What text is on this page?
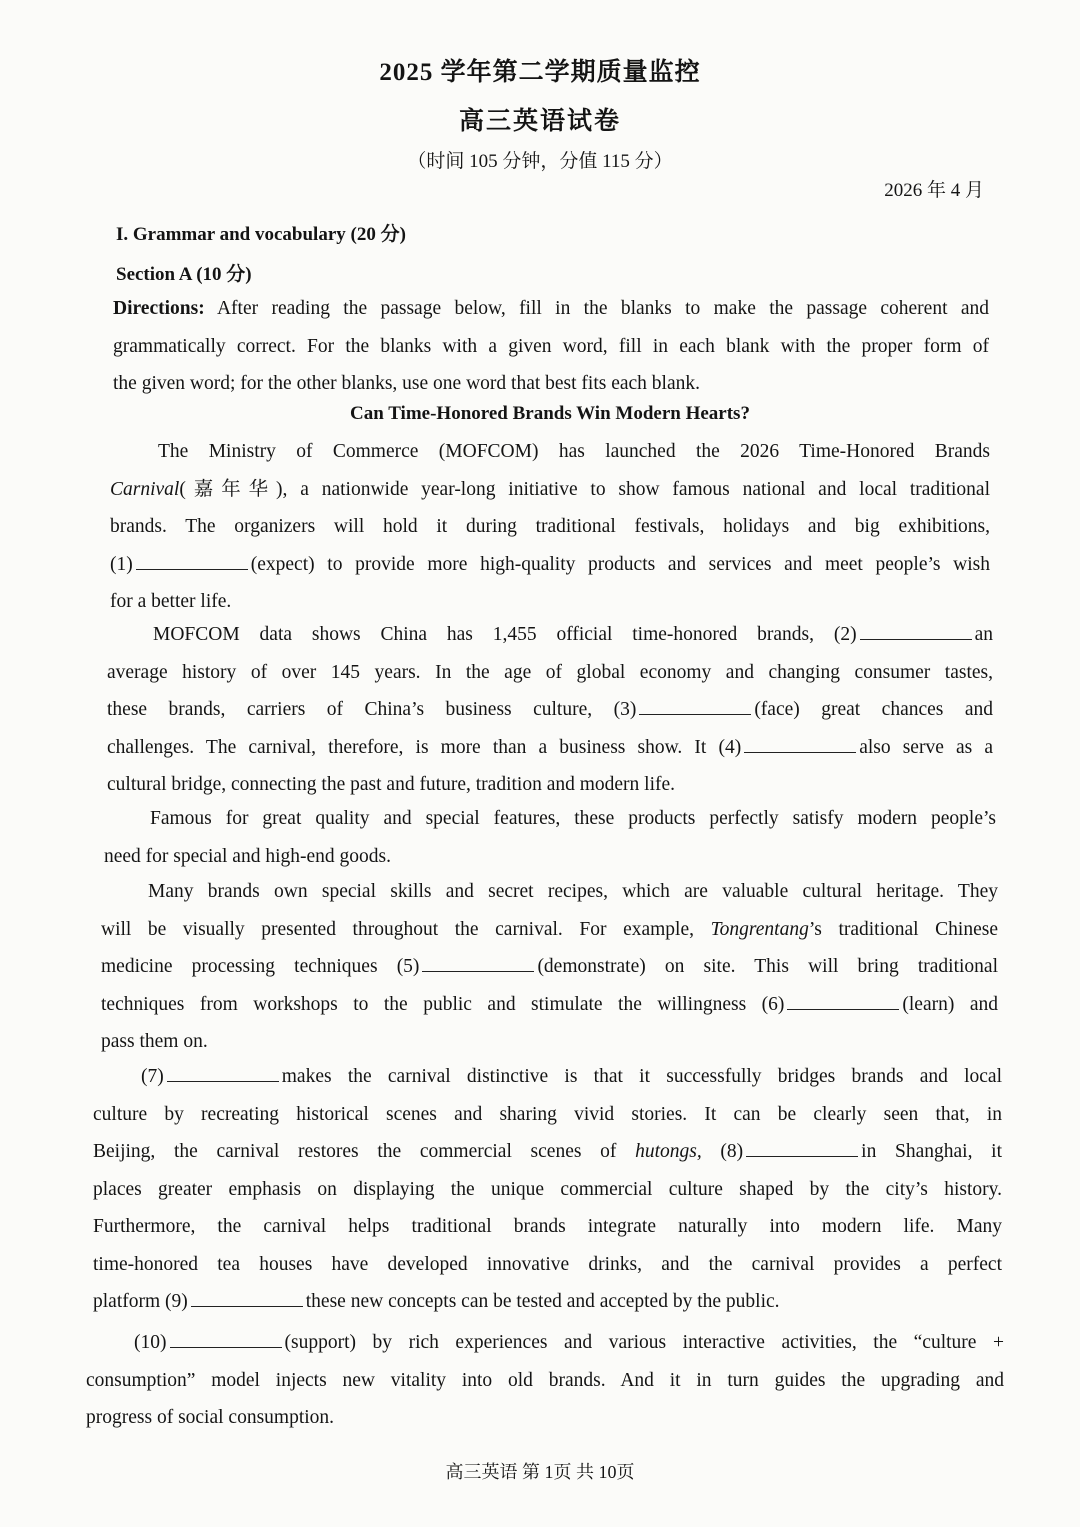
2025 学年第二学期质量监控
高三英语试卷
（时间 105 分钟，分值 115 分）
2026 年 4 月
I. Grammar and vocabulary (20 分)
Section A (10 分)
Directions: After reading the passage below, fill in the blanks to make the passage coherent and
grammatically correct. For the blanks with a given word, fill in each blank with the proper form of
the given word; for the other blanks, use one word that best fits each blank.
Can Time-Honored Brands Win Modern Hearts?
The Ministry of Commerce (MOFCOM) has launched the 2026 Time-Honored Brands
Carnival(嘉年华), a nationwide year-long initiative to show famous national and local traditional
brands. The organizers will hold it during traditional festivals, holidays and big exhibitions,
(1)	(expect) to provide more high-quality products and services and meet people’s wish
for a better life.
MOFCOM data shows China has 1,455 official time-honored brands, (2)	an
average history of over 145 years. In the age of global economy and changing consumer tastes,
these brands, carriers of China’s business culture, (3)	(face) great chances and
challenges. The carnival, therefore, is more than a business show. It (4)	also serve as a
cultural bridge, connecting the past and future, tradition and modern life.
Famous for great quality and special features, these products perfectly satisfy modern people’s
need for special and high-end goods.
Many brands own special skills and secret recipes, which are valuable cultural heritage. They
will be visually presented throughout the carnival. For example, Tongrentang’s traditional Chinese
medicine processing techniques (5)	(demonstrate) on site. This will bring traditional
techniques from workshops to the public and stimulate the willingness (6)	(learn) and
pass them on.
(7)	makes the carnival distinctive is that it successfully bridges brands and local
culture by recreating historical scenes and sharing vivid stories. It can be clearly seen that, in
Beijing, the carnival restores the commercial scenes of hutongs, (8)	in Shanghai, it
places greater emphasis on displaying the unique commercial culture shaped by the city’s history.
Furthermore, the carnival helps traditional brands integrate naturally into modern life. Many
time-honored tea houses have developed innovative drinks, and the carnival provides a perfect
platform (9)	these new concepts can be tested and accepted by the public.
(10)	(support) by rich experiences and various interactive activities, the “culture +
consumption” model injects new vitality into old brands. And it in turn guides the upgrading and
progress of social consumption.
高三英语 第 1页 共 10页
